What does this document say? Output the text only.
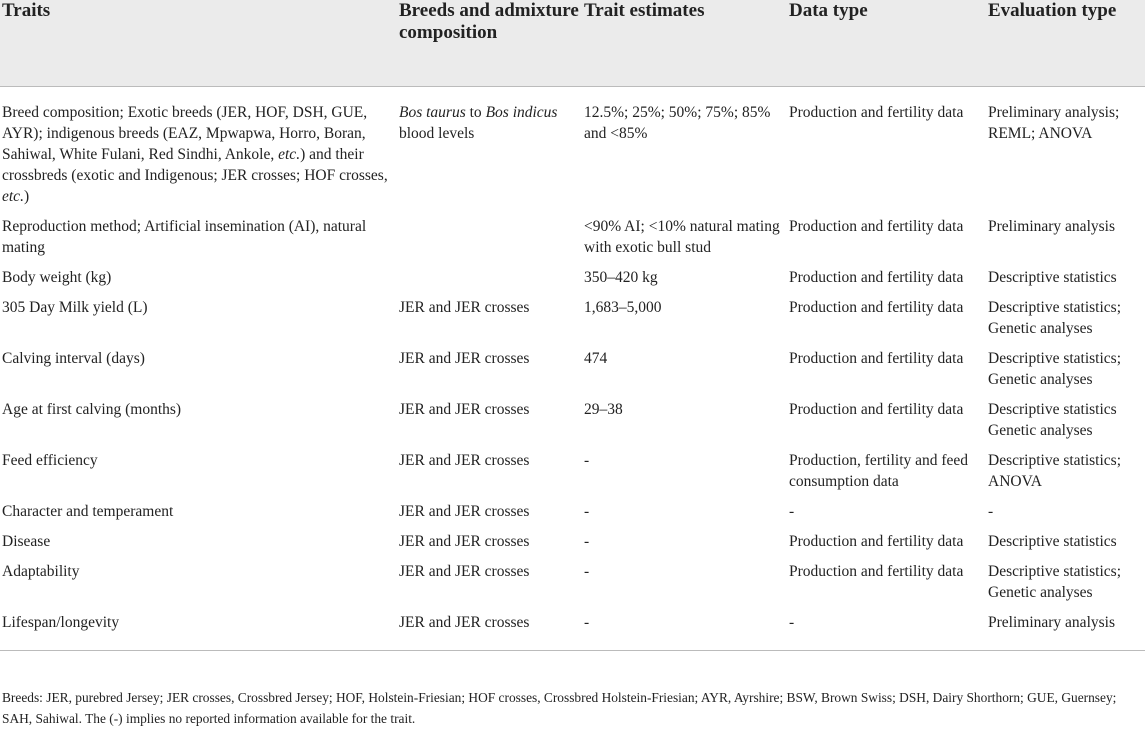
Traits	Breeds and admixture composition	Trait estimates	Data type	Evaluation type
Breed composition; Exotic breeds (JER, HOF, DSH, GUE, AYR); indigenous breeds (EAZ, Mpwapwa, Horro, Boran, Sahiwal, White Fulani, Red Sindhi, Ankole, etc.) and their crossbreds (exotic and Indigenous; JER crosses; HOF crosses, etc.)	Bos taurus to Bos indicus blood levels	12.5%; 25%; 50%; 75%; 85% and <85%	Production and fertility data	Preliminary analysis; REML; ANOVA
Reproduction method; Artificial insemination (AI), natural mating		<90% AI; <10% natural mating with exotic bull stud	Production and fertility data	Preliminary analysis
Body weight (kg)		350–420 kg	Production and fertility data	Descriptive statistics
305 Day Milk yield (L)	JER and JER crosses	1,683–5,000	Production and fertility data	Descriptive statistics; Genetic analyses
Calving interval (days)	JER and JER crosses	474	Production and fertility data	Descriptive statistics; Genetic analyses
Age at first calving (months)	JER and JER crosses	29–38	Production and fertility data	Descriptive statistics Genetic analyses
Feed efficiency	JER and JER crosses	-	Production, fertility and feed consumption data	Descriptive statistics; ANOVA
Character and temperament	JER and JER crosses	-	-	-
Disease	JER and JER crosses	-	Production and fertility data	Descriptive statistics
Adaptability	JER and JER crosses	-	Production and fertility data	Descriptive statistics; Genetic analyses
Lifespan/longevity	JER and JER crosses	-	-	Preliminary analysis
Breeds: JER, purebred Jersey; JER crosses, Crossbred Jersey; HOF, Holstein-Friesian; HOF crosses, Crossbred Holstein-Friesian; AYR, Ayrshire; BSW, Brown Swiss; DSH, Dairy Shorthorn; GUE, Guernsey; SAH, Sahiwal. The (-) implies no reported information available for the trait.
